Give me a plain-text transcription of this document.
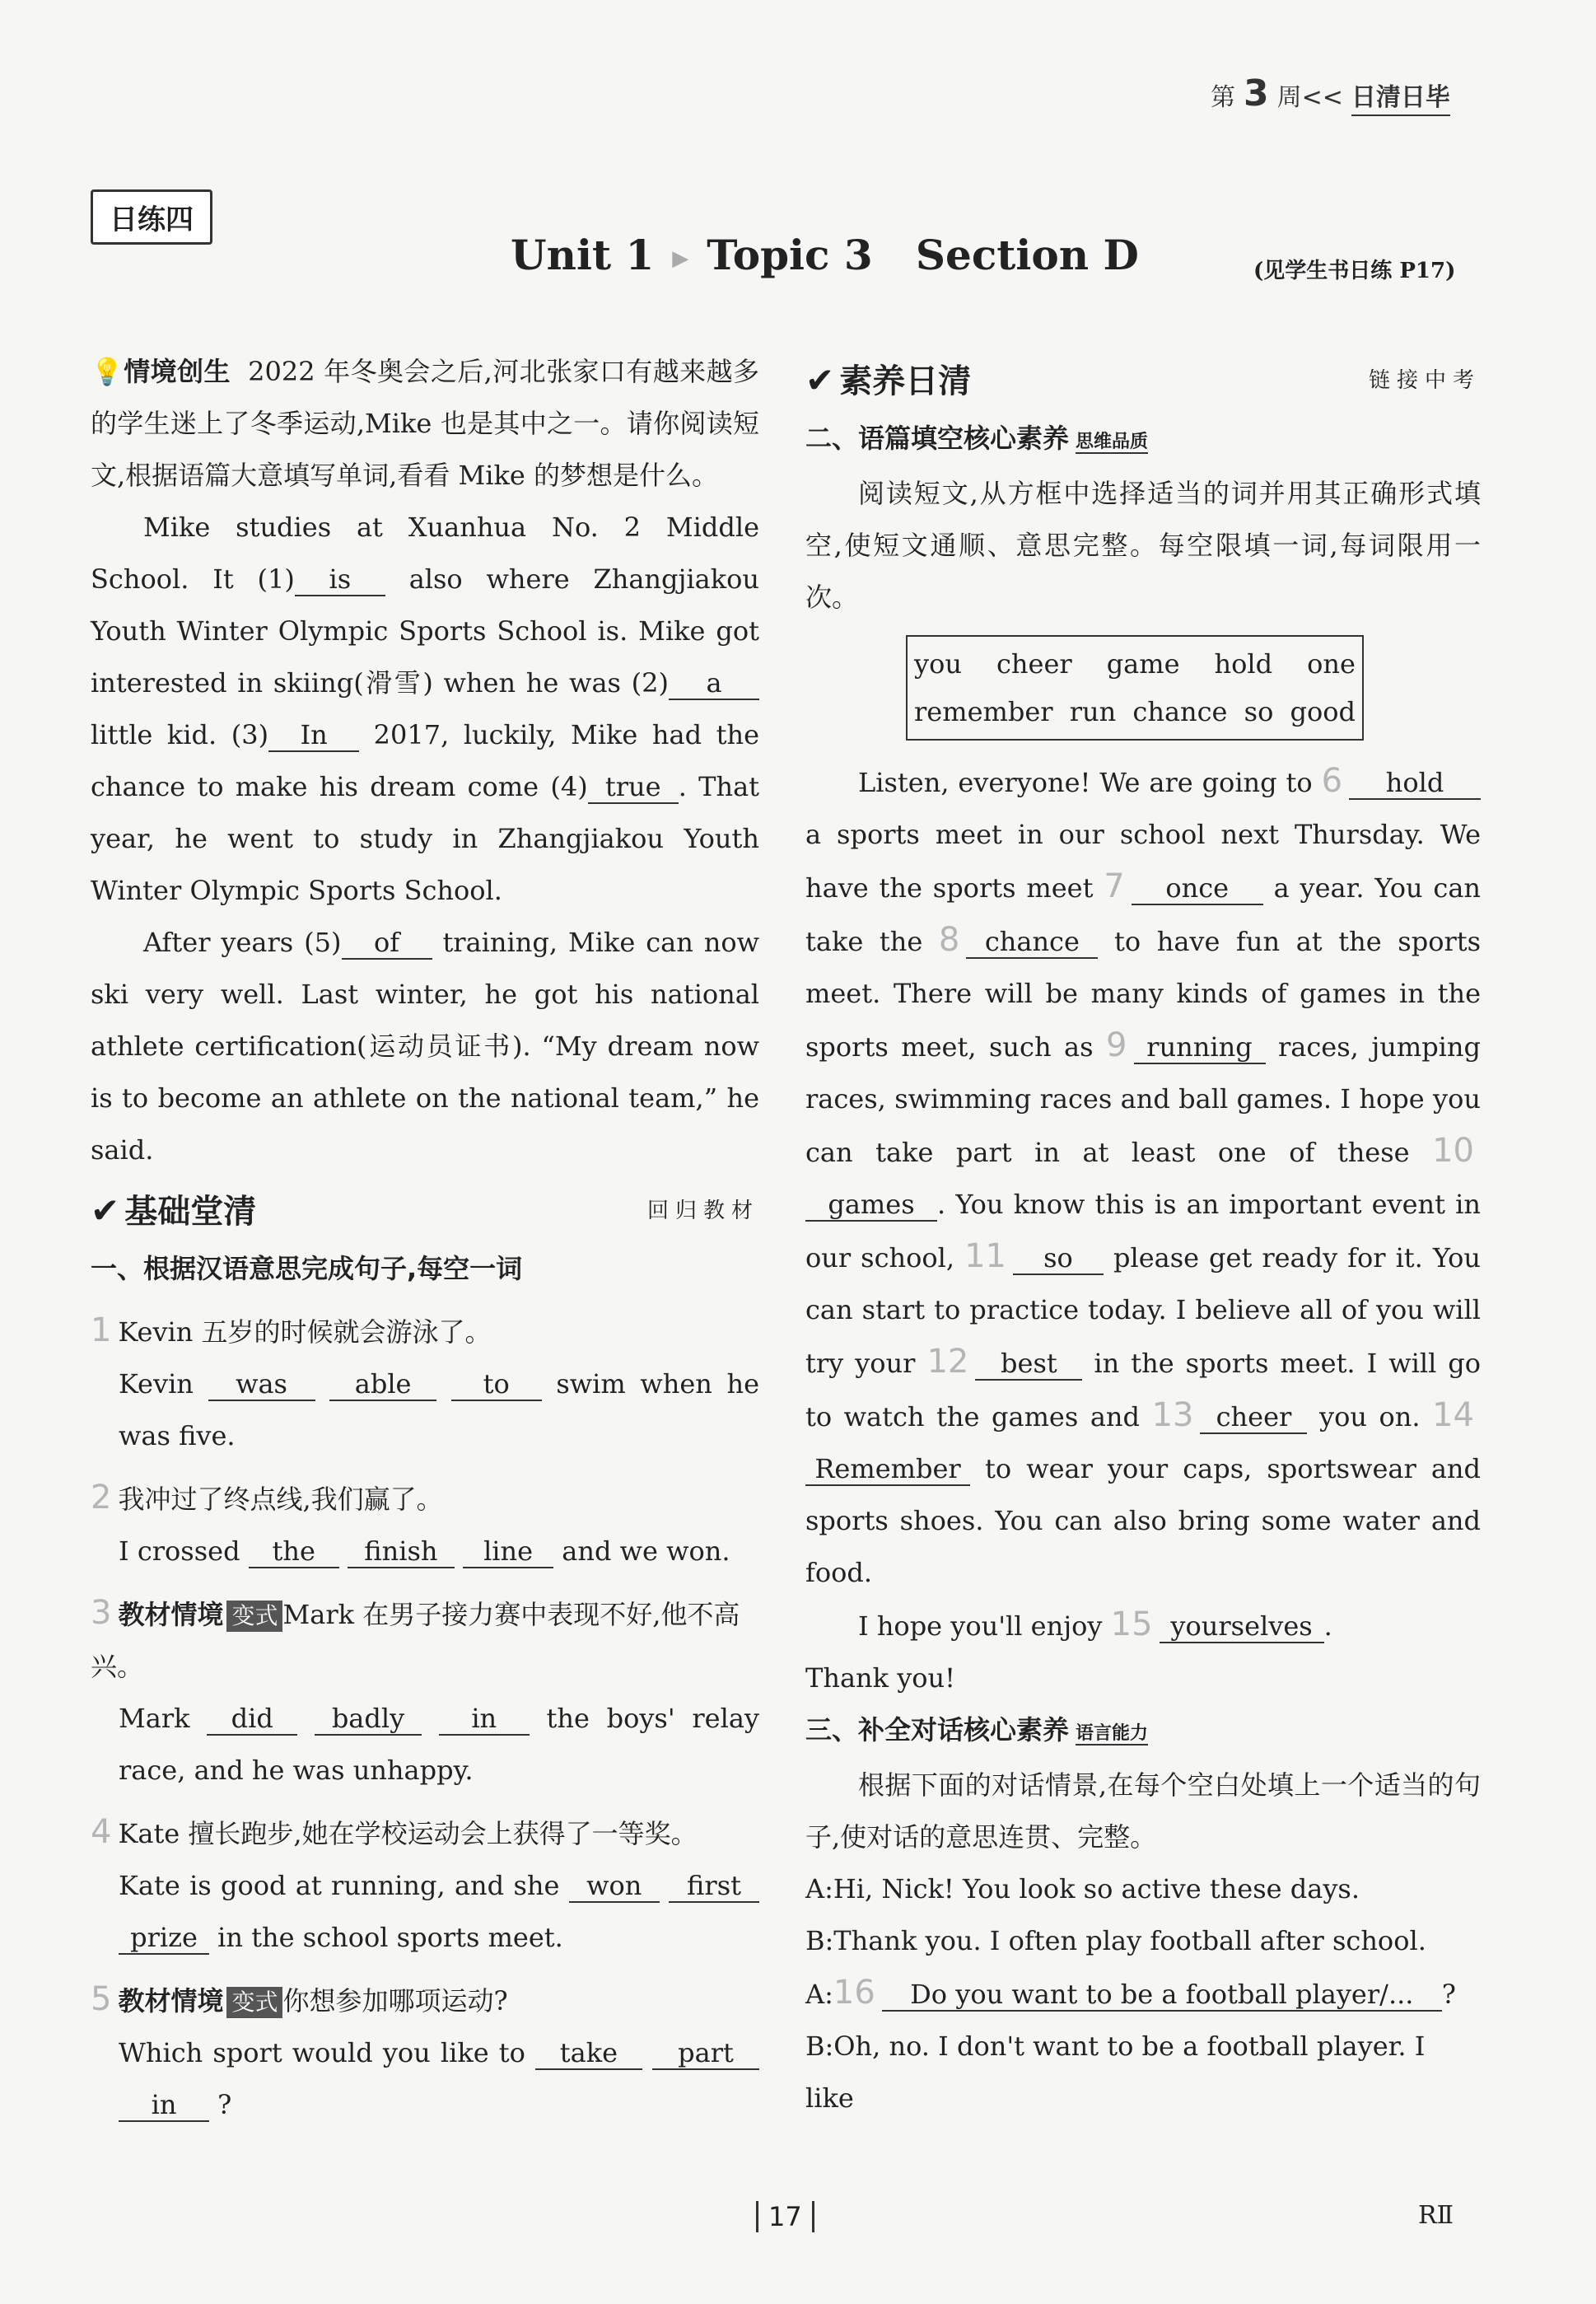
第 3 周<< 日清日毕
日练四
Unit 1 ▶ Topic 3 Section D	(见学生书日练 P17)
💡情境创生 2022 年冬奥会之后,河北张家口有越来越多的学生迷上了冬季运动,Mike 也是其中之一。请你阅读短文,根据语篇大意填写单词,看看 Mike 的梦想是什么。
Mike studies at Xuanhua No. 2 Middle School. It (1) is also where Zhangjiakou Youth Winter Olympic Sports School is. Mike got interested in skiing(滑雪) when he was (2) a little kid. (3) In 2017, luckily, Mike had the chance to make his dream come (4) true . That year, he went to study in Zhangjiakou Youth Winter Olympic Sports School.
After years (5) of training, Mike can now ski very well. Last winter, he got his national athlete certification(运动员证书). “My dream now is to become an athlete on the national team,” he said.
✔ 基础堂清	回归教材
一、根据汉语意思完成句子,每空一词
1 Kevin 五岁的时候就会游泳了。
Kevin was	able	to swim when he was five.
2 我冲过了终点线,我们赢了。
I crossed the finish line and we won.
3 教材情境 变式 Mark 在男子接力赛中表现不好,他不高兴。
Mark did badly	in the boys' relay race, and he was unhappy.
4 Kate 擅长跑步,她在学校运动会上获得了一等奖。
Kate is good at running, and she won first prize in the school sports meet.
5 教材情境 变式 你想参加哪项运动?
Which sport would you like to take part in ?
✔ 素养日清	链接中考
二、语篇填空核心素养 思维品质
阅读短文,从方框中选择适当的词并用其正确形式填空,使短文通顺、意思完整。每空限填一词,每词限用一次。
you cheer game hold one
remember run chance so good
Listen, everyone! We are going to 6 hold a sports meet in our school next Thursday. We have the sports meet 7 once a year. You can take the 8 chance to have fun at the sports meet. There will be many kinds of games in the sports meet, such as 9 running races, jumping races, swimming races and ball games. I hope you can take part in at least one of these 10games . You know this is an important event in our school, 11 so please get ready for it. You can start to practice today. I believe all of you will try your 12 best in the sports meet. I will go to watch the games and 13 cheer you on. 14Remember to wear your caps, sportswear and sports shoes. You can also bring some water and food.
I hope you'll enjoy 15 yourselves .
Thank you!
三、补全对话核心素养 语言能力
根据下面的对话情景,在每个空白处填上一个适当的句子,使对话的意思连贯、完整。
A:Hi, Nick! You look so active these days.
B:Thank you. I often play football after school.
A:16 Do you want to be a football player/... ?
B:Oh, no. I don't want to be a football player. I like
17	RⅡ
